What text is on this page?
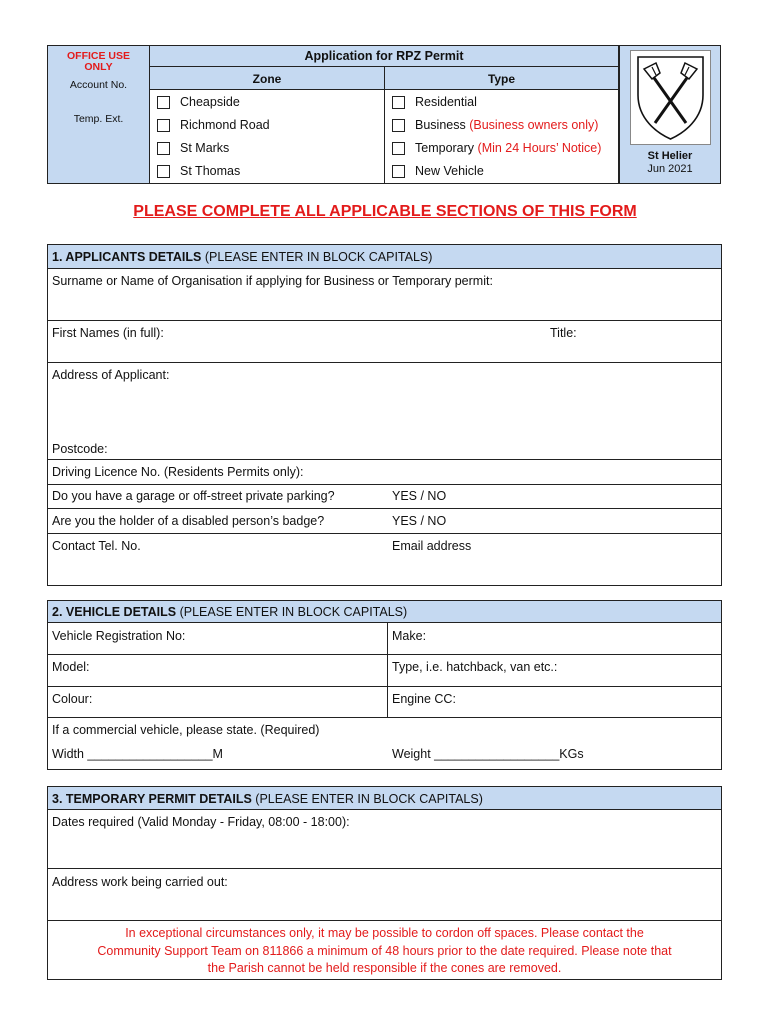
OFFICE USE ONLY
Account No.
Temp. Ext.
Application for RPZ Permit
Zone	Type
Cheapside
Richmond Road
St Marks
St Thomas
Residential
Business (Business owners only)
Temporary (Min 24 Hours’ Notice)
New Vehicle
St Helier
Jun 2021
PLEASE COMPLETE ALL APPLICABLE SECTIONS OF THIS FORM
1. APPLICANTS DETAILS (PLEASE ENTER IN BLOCK CAPITALS)
Surname or Name of Organisation if applying for Business or Temporary permit:
First Names (in full):	Title:
Address of Applicant:
Postcode:
Driving Licence No. (Residents Permits only):
Do you have a garage or off-street private parking?	YES / NO
Are you the holder of a disabled person’s badge?	YES / NO
Contact Tel. No.	Email address
2. VEHICLE DETAILS (PLEASE ENTER IN BLOCK CAPITALS)
Vehicle Registration No:	Make:
Model:	Type, i.e. hatchback, van etc.:
Colour:	Engine CC:
If a commercial vehicle, please state. (Required)
Width __________________M	Weight __________________KGs
3. TEMPORARY PERMIT DETAILS (PLEASE ENTER IN BLOCK CAPITALS)
Dates required (Valid Monday - Friday, 08:00 - 18:00):
Address work being carried out:
In exceptional circumstances only, it may be possible to cordon off spaces. Please contact the
Community Support Team on 811866 a minimum of 48 hours prior to the date required. Please note that
the Parish cannot be held responsible if the cones are removed.
